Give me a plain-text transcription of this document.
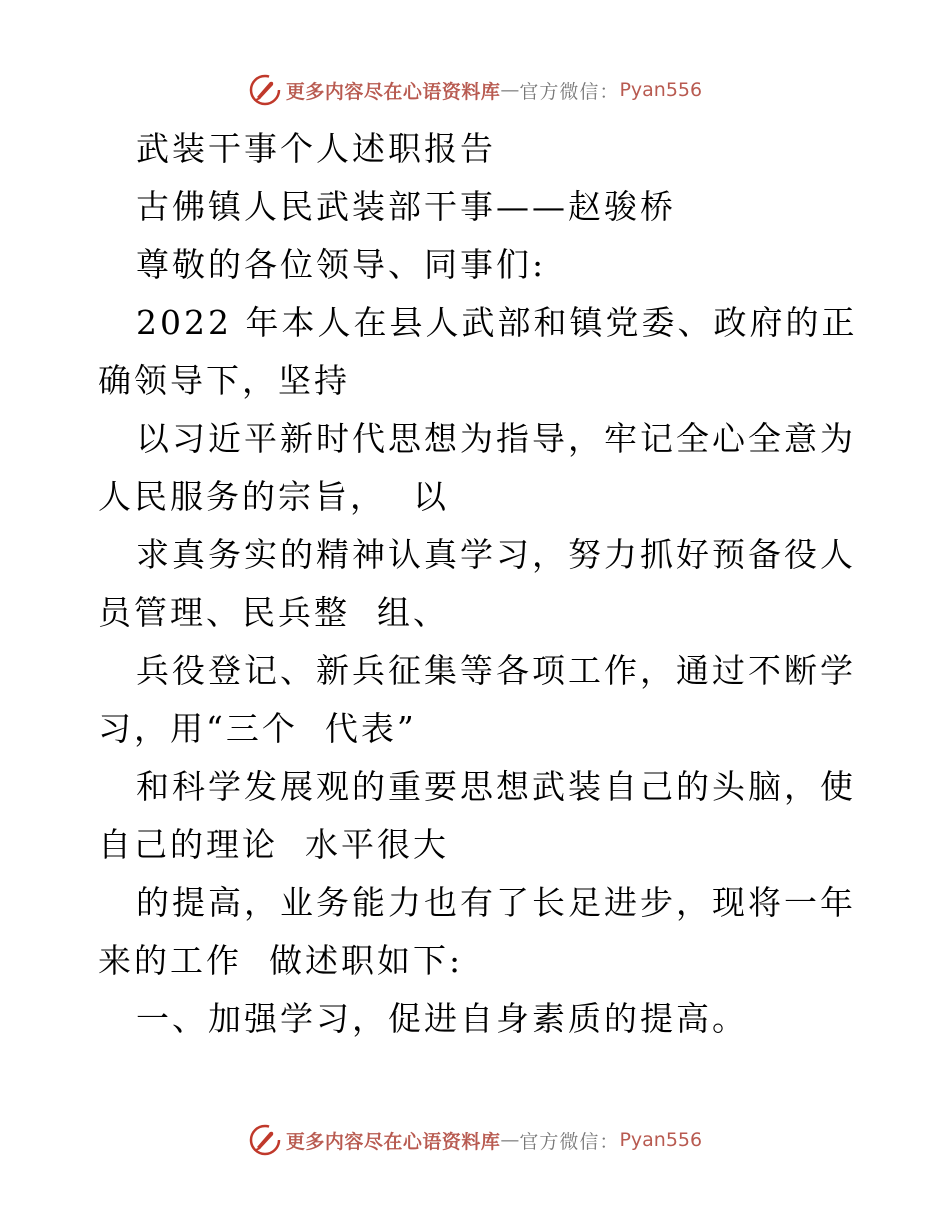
更多内容尽在心语资料库 — 官方微信： Pyan556

武装干事个人述职报告

古佛镇人民武装部干事——赵骏桥

尊敬的各位领导、同事们:

2022 年本人在县人武部和镇党委、政府的正确领导下，坚持

以习近平新时代思想为指导，牢记全心全意为人民服务的宗旨，  以

求真务实的精神认真学习，努力抓好预备役人员管理、民兵整  组、

兵役登记、新兵征集等各项工作，通过不断学习，用“三个  代表”

和科学发展观的重要思想武装自己的头脑，使自己的理论  水平很大

的提高，业务能力也有了长足进步，现将一年来的工作  做述职如下:

一、加强学习，促进自身素质的提高。

更多内容尽在心语资料库 — 官方微信： Pyan556
